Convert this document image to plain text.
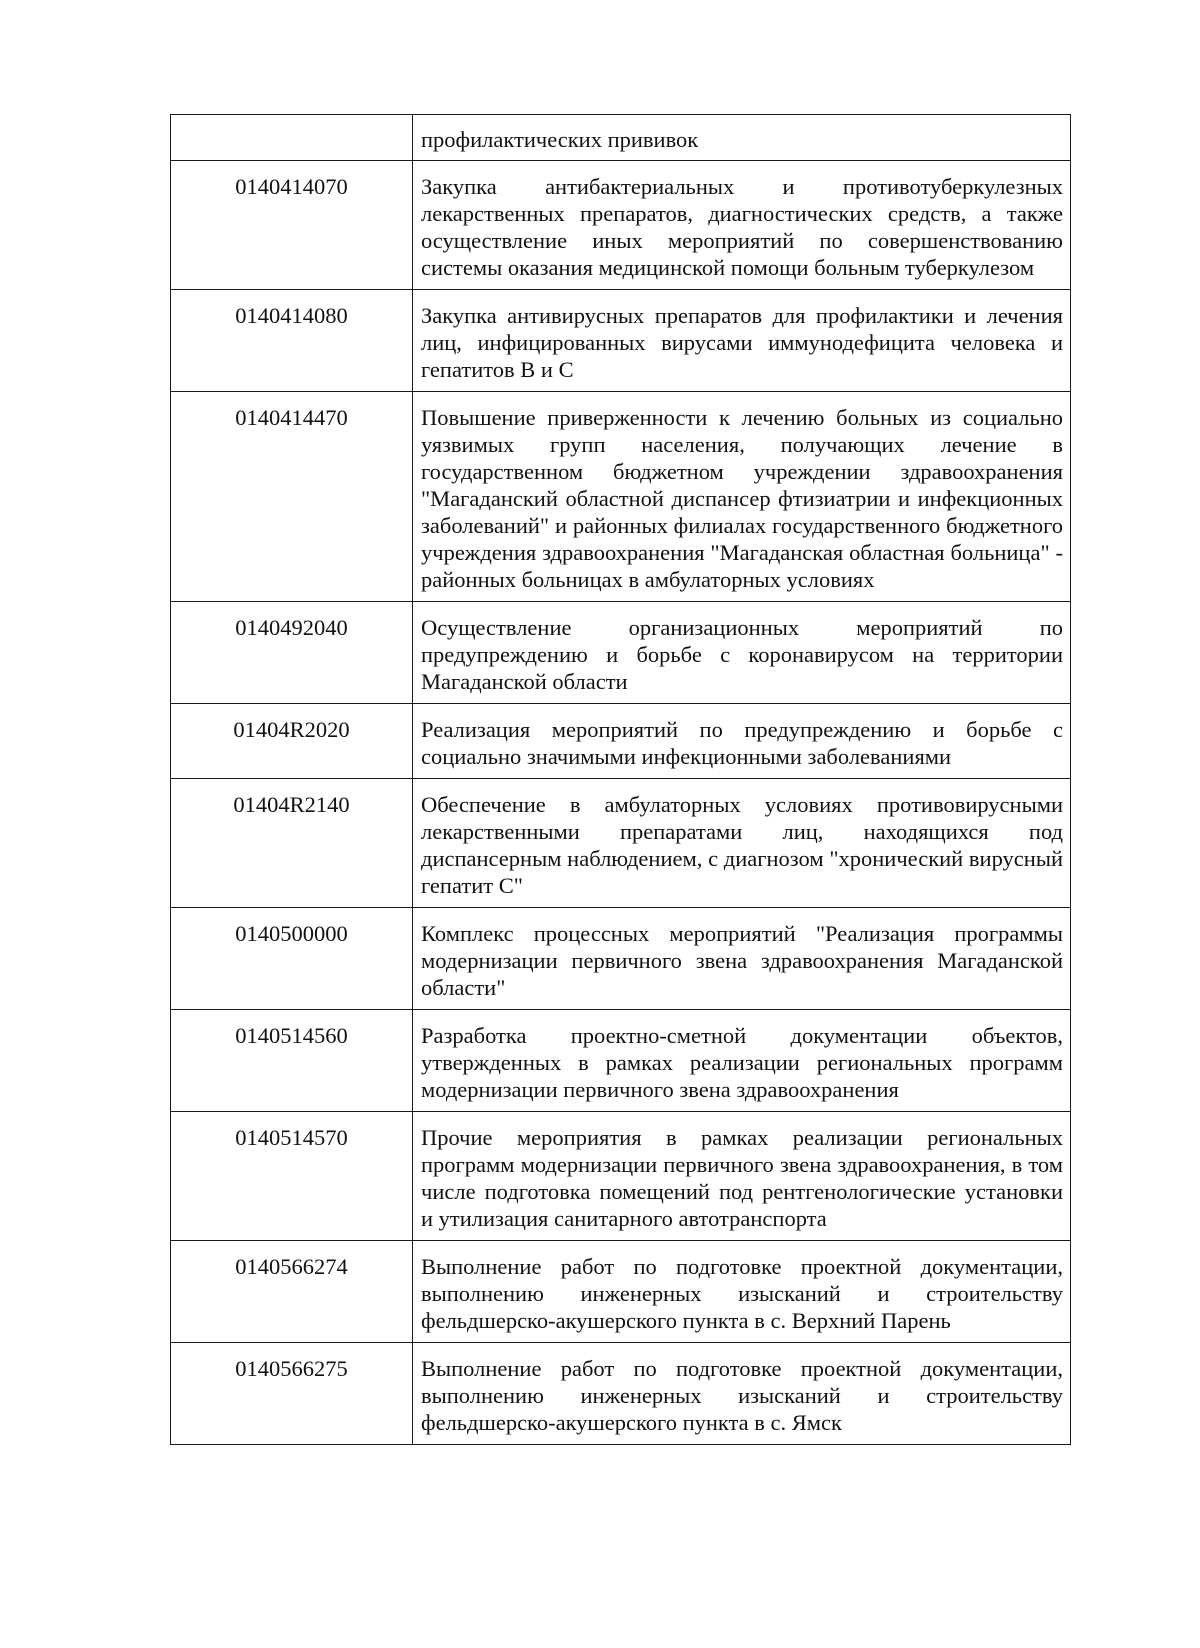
	профилактических прививок
0140414070	Закупка антибактериальных и противотуберкулезных лекарственных препаратов, диагностических средств, а также осуществление иных мероприятий по совершенствованию системы оказания медицинской помощи больным туберкулезом
0140414080	Закупка антивирусных препаратов для профилактики и лечения лиц, инфицированных вирусами иммунодефицита человека и гепатитов В и С
0140414470	Повышение приверженности к лечению больных из социально уязвимых групп населения, получающих лечение в государственном бюджетном учреждении здравоохранения "Магаданский областной диспансер фтизиатрии и инфекционных заболеваний" и районных филиалах государственного бюджетного учреждения здравоохранения "Магаданская областная больница" - районных больницах в амбулаторных условиях
0140492040	Осуществление организационных мероприятий по предупреждению и борьбе с коронавирусом на территории Магаданской области
01404R2020	Реализация мероприятий по предупреждению и борьбе с социально значимыми инфекционными заболеваниями
01404R2140	Обеспечение в амбулаторных условиях противовирусными лекарственными препаратами лиц, находящихся под диспансерным наблюдением, с диагнозом "хронический вирусный гепатит С"
0140500000	Комплекс процессных мероприятий "Реализация программы модернизации первичного звена здравоохранения Магаданской области"
0140514560	Разработка проектно-сметной документации объектов, утвержденных в рамках реализации региональных программ модернизации первичного звена здравоохранения
0140514570	Прочие мероприятия в рамках реализации региональных программ модернизации первичного звена здравоохранения, в том числе подготовка помещений под рентгенологические установки и утилизация санитарного автотранспорта
0140566274	Выполнение работ по подготовке проектной документации, выполнению инженерных изысканий и строительству фельдшерско-акушерского пункта в с. Верхний Парень
0140566275	Выполнение работ по подготовке проектной документации, выполнению инженерных изысканий и строительству фельдшерско-акушерского пункта в с. Ямск
